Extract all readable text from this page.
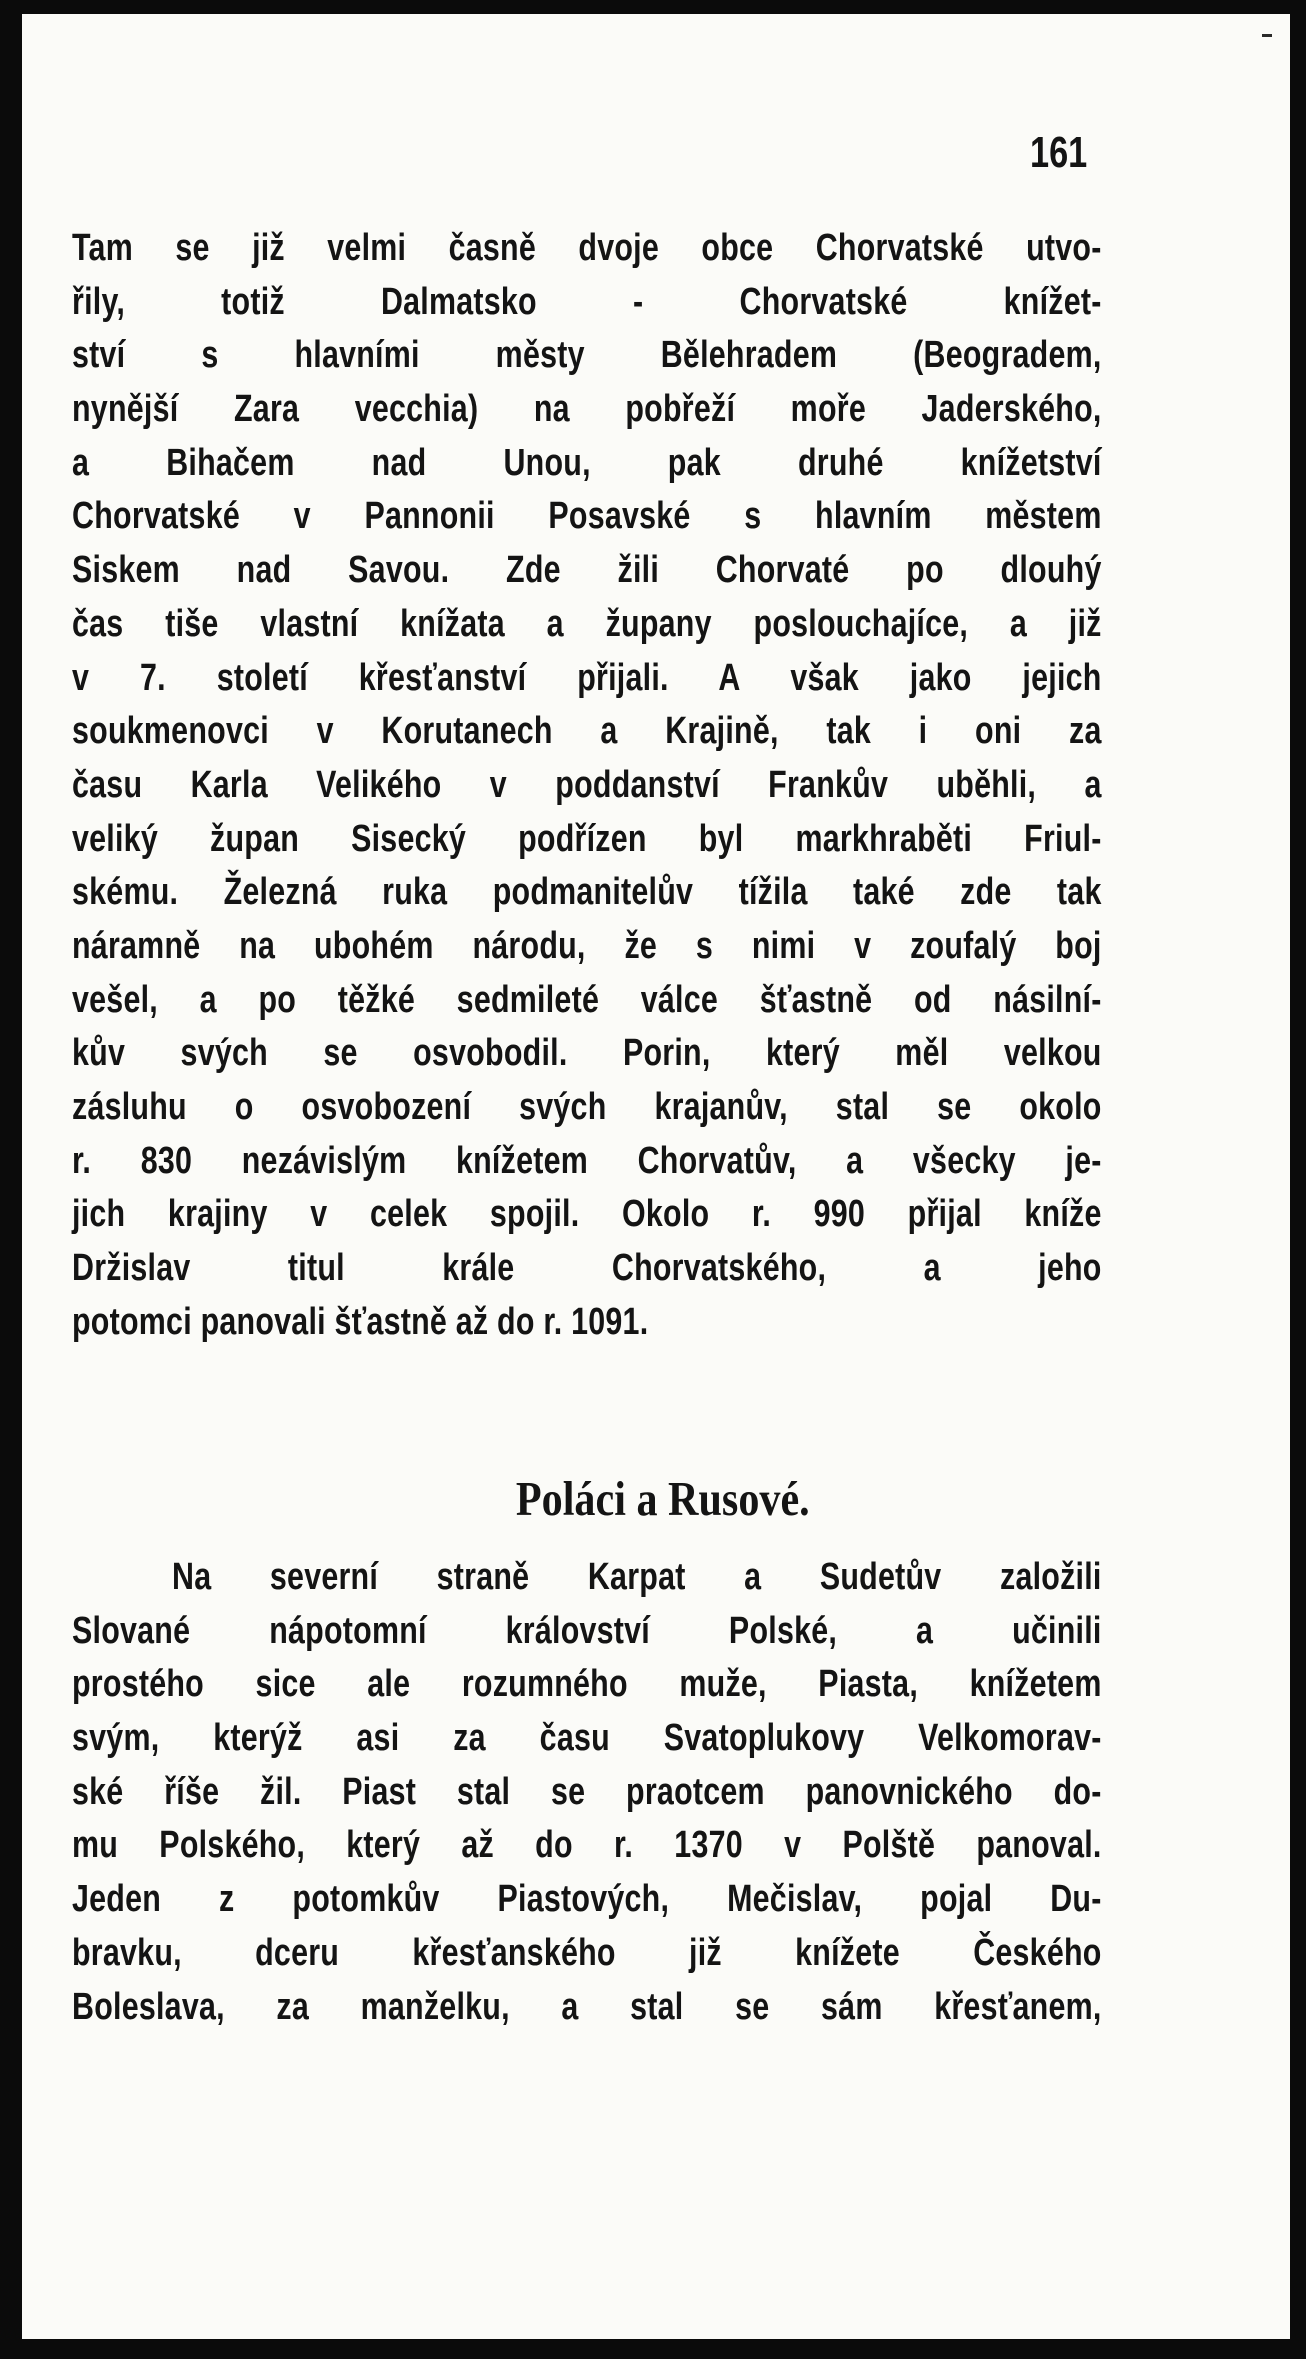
161
Tam se již velmi časně dvoje obce Chorvatské utvo-
řily, totiž Dalmatsko - Chorvatské knížet-
ství s hlavními městy Bělehradem (Beogradem,
nynější Zara vecchia) na pobřeží moře Jaderského,
a Bihačem nad Unou, pak druhé knížetství
Chorvatské v Pannonii Posavské s hlavním městem
Siskem nad Savou. Zde žili Chorvaté po dlouhý
čas tiše vlastní knížata a župany poslouchajíce, a již
v 7. století křesťanství přijali. A však jako jejich
soukmenovci v Korutanech a Krajině, tak i oni za
času Karla Velikého v poddanství Frankův uběhli, a
veliký župan Sisecký podřízen byl markhraběti Friul-
skému. Železná ruka podmanitelův tížila také zde tak
náramně na ubohém národu, že s nimi v zoufalý boj
vešel, a po těžké sedmileté válce šťastně od násilní-
kův svých se osvobodil. Porin, který měl velkou
zásluhu o osvobození svých krajanův, stal se okolo
r. 830 nezávislým knížetem Chorvatův, a všecky je-
jich krajiny v celek spojil. Okolo r. 990 přijal kníže
Držislav titul krále Chorvatského, a jeho
potomci panovali šťastně až do r. 1091.
Poláci a Rusové.
Na severní straně Karpat a Sudetův založili
Slované nápotomní království Polské, a učinili
prostého sice ale rozumného muže, Piasta, knížetem
svým, kterýž asi za času Svatoplukovy Velkomorav-
ské říše žil. Piast stal se praotcem panovnického do-
mu Polského, který až do r. 1370 v Polště panoval.
Jeden z potomkův Piastových, Mečislav, pojal Du-
bravku, dceru křesťanského již knížete Českého
Boleslava, za manželku, a stal se sám křesťanem,
